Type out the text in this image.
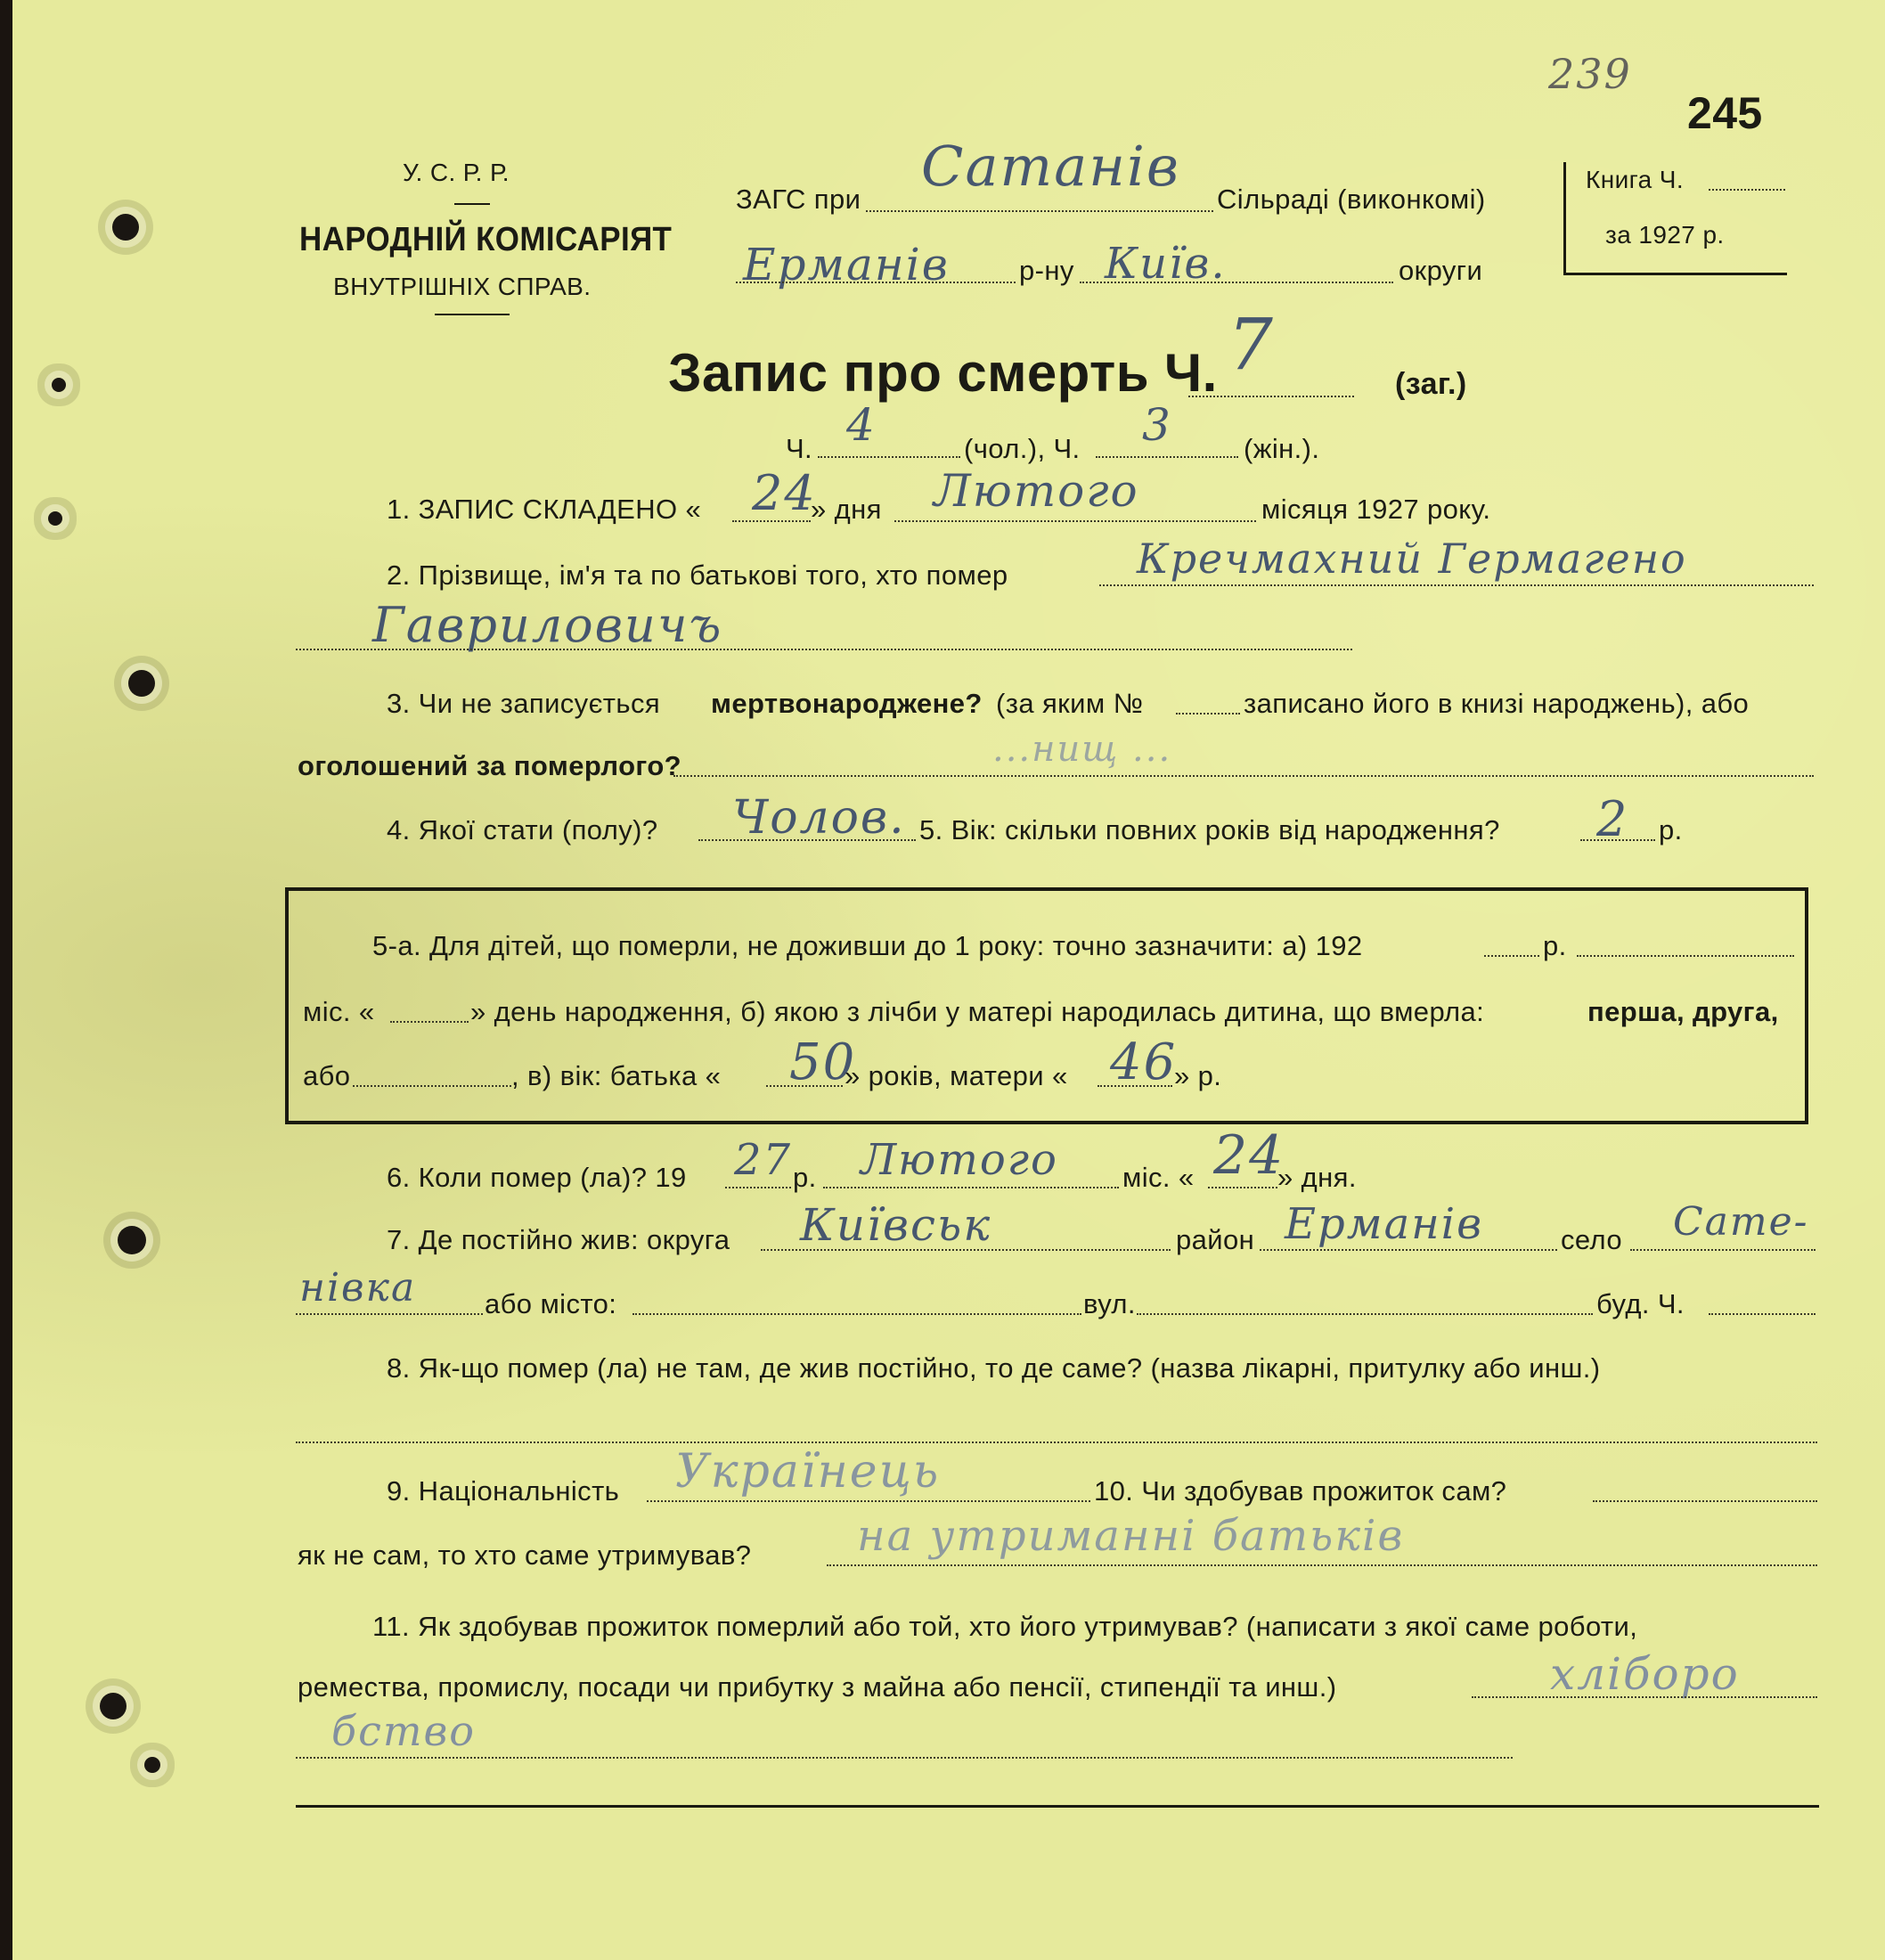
У. С. Р. Р.
НАРОДНІЙ КОМІСАРІЯТ
ВНУТРІШНІХ СПРАВ.
ЗАГС при
Сатанів
Сільраді (виконкомі)
Ерманів	р-ну Київ.	округи
Книга Ч.
за 1927 р.
245
239
Запис про смерть Ч. 7	(заг.)
Ч. 4	(чол.), Ч. 3	(жін.).
1. ЗАПИС СКЛАДЕНО « 24
» дня Лютого	місяця 1927 року.
2. Прізвище, ім'я та по батькові того, хто помер	Кречмахний Гермагено
Гавриловичъ
3. Чи не записується мертвонароджене? (за яким №	записано його в книзі народжень), або
оголошений за померлого?	...нищ ...
4. Якої стати (полу)? Чолов. 5. Вік: скільки повних років від народження? 2 р.
5-а. Для дітей, що померли, не доживши до 1 року: точно зазначити: а) 192	р.
міс. «	» день народження, б) якою з лічби у матері народилась дитина, що вмерла:	перша, друга,
або	, в) вік: батька « 50
» років, матери « 46
» р.
6. Коли помер (ла)? 19 27 р. Лютого міс. « 24
» дня.
7. Де постійно жив: округа Київськ	район Ерманів	село Сате-
нівка або місто:	вул.	буд. Ч.
8. Як-що помер (ла) не там, де жив постійно, то де саме? (назва лікарні, притулку або инш.)
9. Національність Українець	10. Чи здобував прожиток сам?
як не сам, то хто саме утримував? на утриманні батьків
11. Як здобував прожиток померлий або той, хто його утримував? (написати з якої саме роботи,
ремества, промислу, посади чи прибутку з майна або пенсії, стипендії та инш.)	хліборо
бство
